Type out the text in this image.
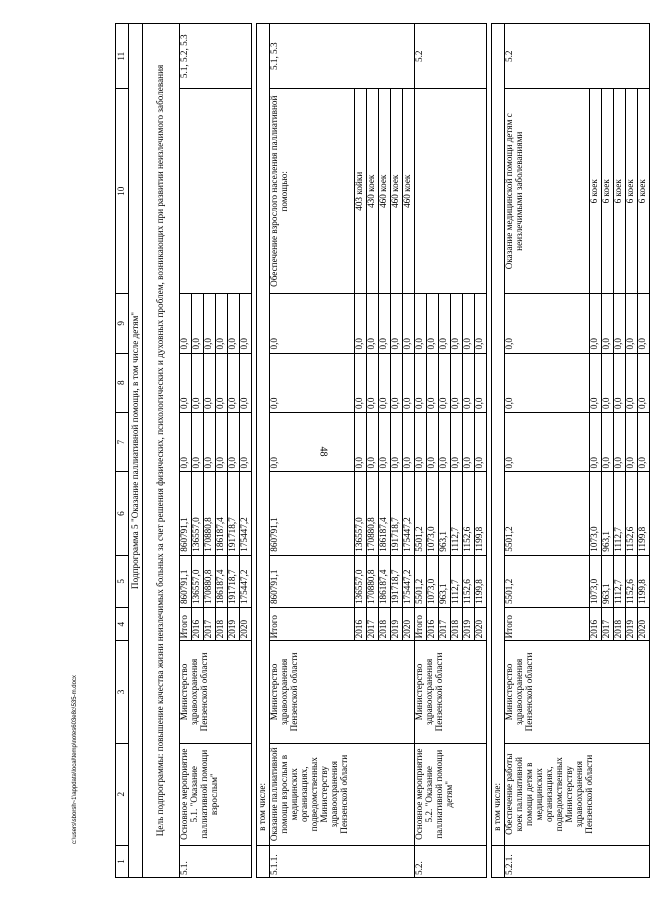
48
c:\users\sborsh~1\appdata\local\temp\notes603e8c\535-m.docx
1	2	3	4	5	6	7	8	9	10	11
Подпрограмма 5 "Оказание паллиативной помощи, в том числе детям"										
Цель подпрограммы: повышение качества жизни неизлечимых больных за счет решения физических, психологических и духовных проблем, возникающих при развитии неизлечимого заболевания										
5.1.	Основное мероприятие 5.1. "Оказание паллиативной помощи взрослым"	Министерство здравоохранения Пензенской области	Итого	860791,1	860791,1	0,0	0,0	0,0		5.1, 5.2, 5.3
			2016	136557,0	136557,0	0,0	0,0	0,0		
			2017	170880,8	170880,8	0,0	0,0	0,0		
			2018	186187,4	186187,4	0,0	0,0	0,0		
			2019	191718,7	191718,7	0,0	0,0	0,0		
			2020	175447,2	175447,2	0,0	0,0	0,0		

	в том числе:									
5.1.1.	Оказание паллиативной помощи взрослым в медицинских организациях, подведомственных Министерству здравоохранения Пензенской области	Министерство здравоохранения Пензенской области	Итого	860791,1	860791,1	0,0	0,0	0,0	Обеспечение взрослого населения паллиативной помощью:	5.1, 5.3
			2016	136557,0	136557,0	0,0	0,0	0,0	403 койки	
			2017	170880,8	170880,8	0,0	0,0	0,0	430 коек	
			2018	186187,4	186187,4	0,0	0,0	0,0	460 коек	
			2019	191718,7	191718,7	0,0	0,0	0,0	460 коек	
			2020	175447,2	175447,2	0,0	0,0	0,0	460 коек	
5.2.	Основное мероприятие 5.2. "Оказание паллиативной помощи детям"	Министерство здравоохранения Пензенской области	Итого	5501,2	5501,2	0,0	0,0	0,0		5.2
			2016	1073,0	1073,0	0,0	0,0	0,0		
			2017	963,1	963,1	0,0	0,0	0,0		
			2018	1112,7	1112,7	0,0	0,0	0,0		
			2019	1152,6	1152,6	0,0	0,0	0,0		
			2020	1199,8	1199,8	0,0	0,0	0,0		

	в том числе:									
5.2.1.	Обеспечение работы коек паллиативной помощи детям в медицинских организациях, подведомственных Министерству здравоохранения Пензенской области	Министерство здравоохранения Пензенской области	Итого	5501,2	5501,2	0,0	0,0	0,0	Оказание медицинской помощи детям с неизлечимыми заболеваниями	5.2
			2016	1073,0	1073,0	0,0	0,0	0,0	6 коек	
			2017	963,1	963,1	0,0	0,0	0,0	6 коек	
			2018	1112,7	1112,7	0,0	0,0	0,0	6 коек	
			2019	1152,6	1152,6	0,0	0,0	0,0	6 коек	
			2020	1199,8	1199,8	0,0	0,0	0,0	6 коек	
